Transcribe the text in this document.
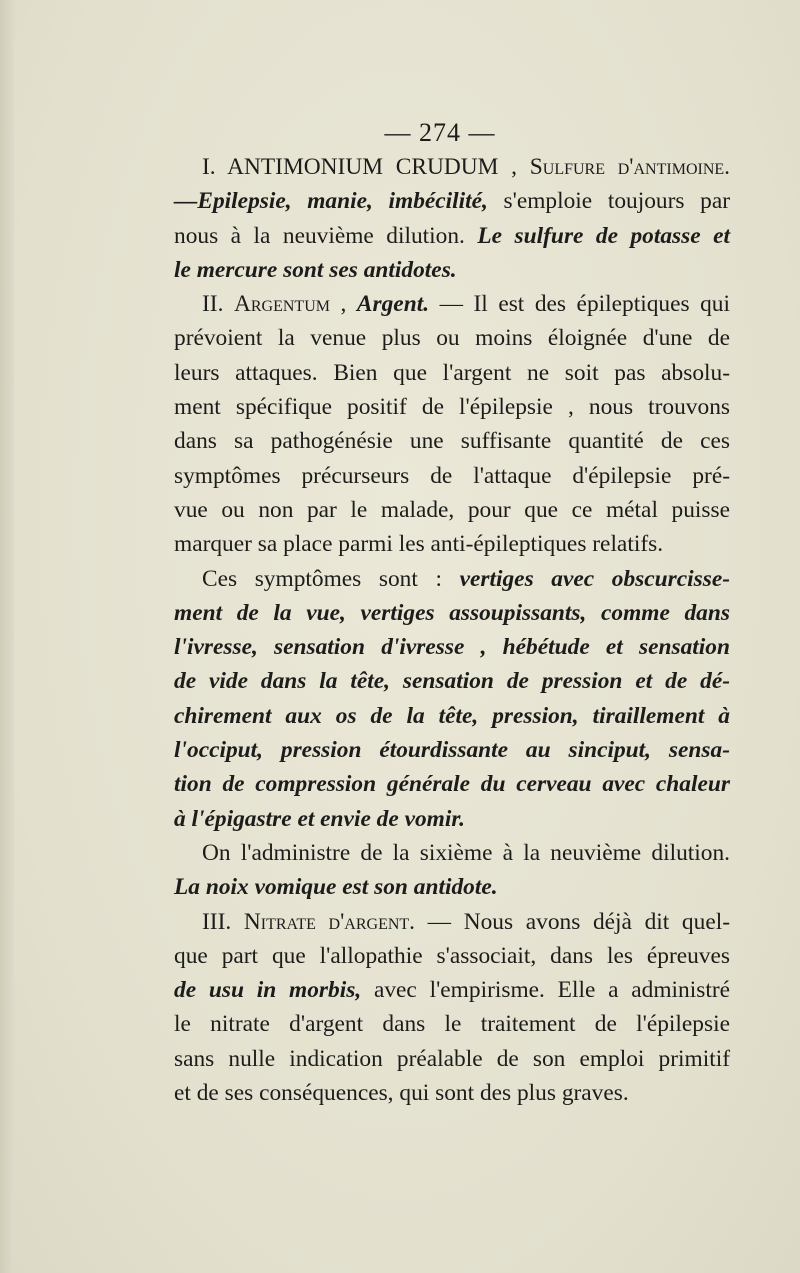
— 274 —
I. ANTIMONIUM CRUDUM , Sulfure d'antimoine.
—Epilepsie, manie, imbécilité, s'emploie toujours par
nous à la neuvième dilution. Le sulfure de potasse et
le mercure sont ses antidotes.
II. Argentum , Argent. — Il est des épileptiques qui
prévoient la venue plus ou moins éloignée d'une de
leurs attaques. Bien que l'argent ne soit pas absolu-
ment spécifique positif de l'épilepsie , nous trouvons
dans sa pathogénésie une suffisante quantité de ces
symptômes précurseurs de l'attaque d'épilepsie pré-
vue ou non par le malade, pour que ce métal puisse
marquer sa place parmi les anti-épileptiques relatifs.
Ces symptômes sont : vertiges avec obscurcisse-
ment de la vue, vertiges assoupissants, comme dans
l'ivresse, sensation d'ivresse , hébétude et sensation
de vide dans la tête, sensation de pression et de dé-
chirement aux os de la tête, pression, tiraillement à
l'occiput, pression étourdissante au sinciput, sensa-
tion de compression générale du cerveau avec chaleur
à l'épigastre et envie de vomir.
On l'administre de la sixième à la neuvième dilution.
La noix vomique est son antidote.
III. Nitrate d'argent. — Nous avons déjà dit quel-
que part que l'allopathie s'associait, dans les épreuves
de usu in morbis, avec l'empirisme. Elle a administré
le nitrate d'argent dans le traitement de l'épilepsie
sans nulle indication préalable de son emploi primitif
et de ses conséquences, qui sont des plus graves.
